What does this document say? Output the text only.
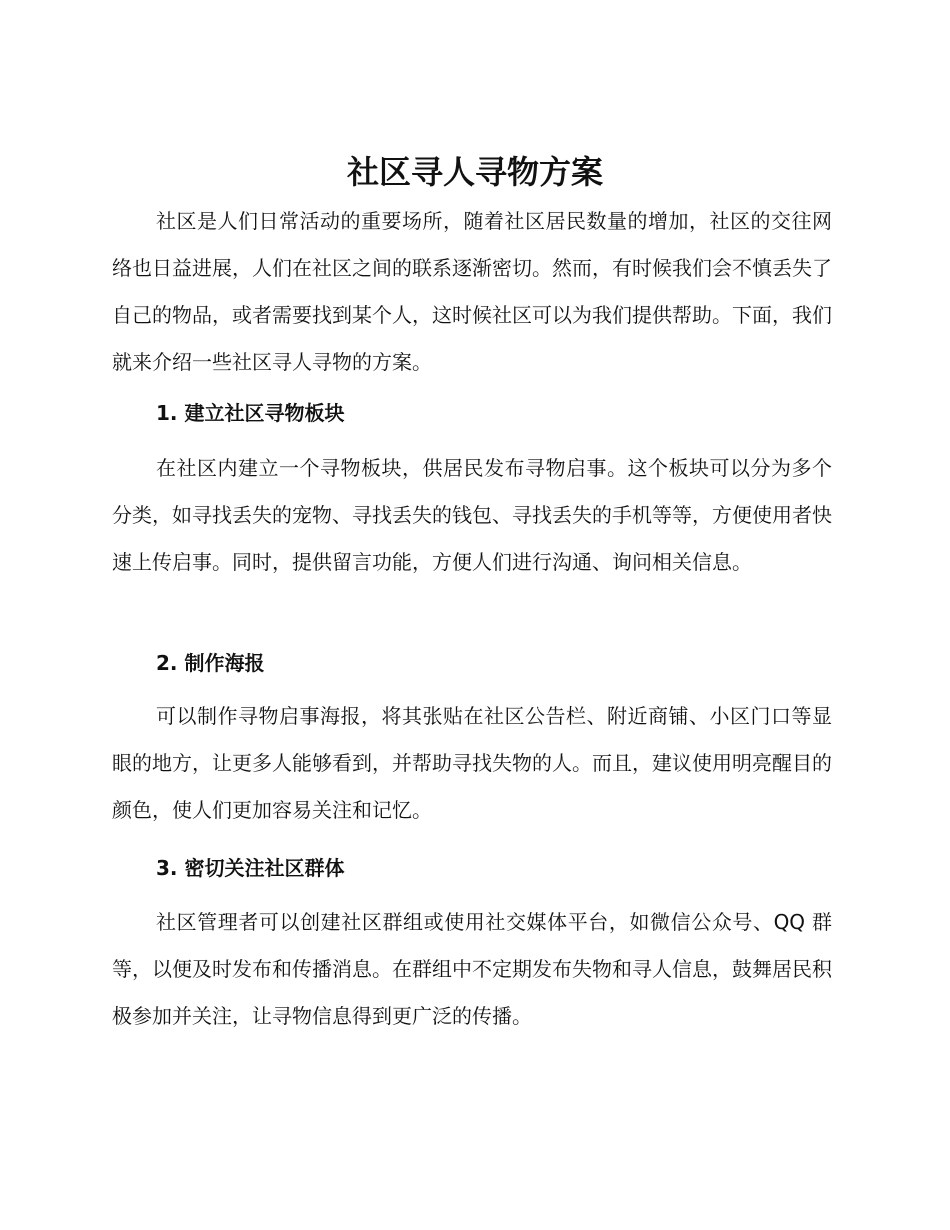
社区寻人寻物方案

社区是人们日常活动的重要场所，随着社区居民数量的增加，社区的交往网络也日益进展，人们在社区之间的联系逐渐密切。然而，有时候我们会不慎丢失了自己的物品，或者需要找到某个人，这时候社区可以为我们提供帮助。下面，我们就来介绍一些社区寻人寻物的方案。

1. 建立社区寻物板块

在社区内建立一个寻物板块，供居民发布寻物启事。这个板块可以分为多个分类，如寻找丢失的宠物、寻找丢失的钱包、寻找丢失的手机等等，方便使用者快速上传启事。同时，提供留言功能，方便人们进行沟通、询问相关信息。

2. 制作海报

可以制作寻物启事海报，将其张贴在社区公告栏、附近商铺、小区门口等显眼的地方，让更多人能够看到，并帮助寻找失物的人。而且，建议使用明亮醒目的颜色，使人们更加容易关注和记忆。

3. 密切关注社区群体

社区管理者可以创建社区群组或使用社交媒体平台，如微信公众号、QQ 群等，以便及时发布和传播消息。在群组中不定期发布失物和寻人信息，鼓舞居民积极参加并关注，让寻物信息得到更广泛的传播。
